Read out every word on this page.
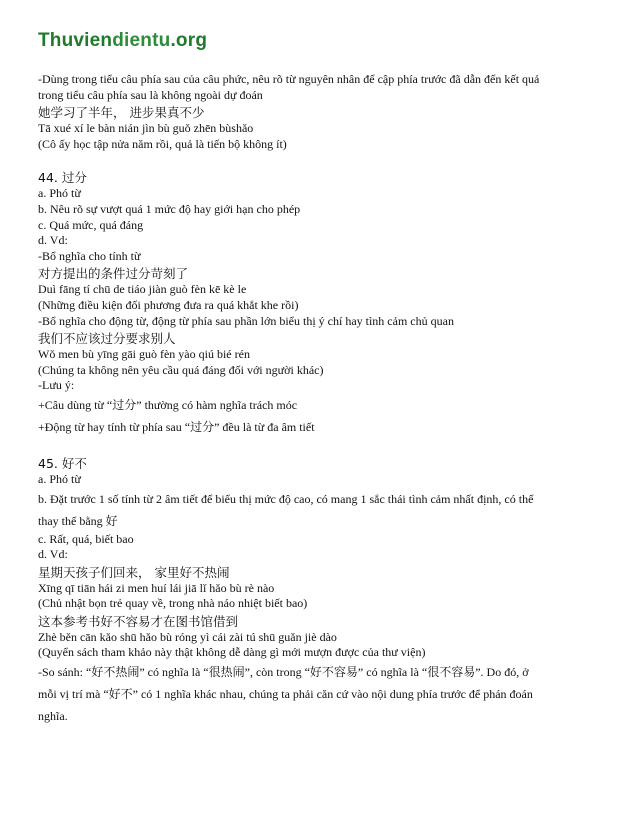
Thuviendientu.org
-Dùng trong tiểu câu phía sau của câu phức, nêu rõ từ nguyên nhân để cập phía trước đã dẫn đến kết quả
trong tiểu câu phía sau là không ngoài dự đoán
她学习了半年， 进步果真不少
Tā xué xí le bàn nián jìn bù guǒ zhēn bùshǎo
(Cô ấy học tập nửa năm rồi, quả là tiến bộ không ít)
44. 过分
a. Phó từ
b. Nêu rõ sự vượt quá 1 mức độ hay giới hạn cho phép
c. Quá mức, quá đáng
d. Vd:
-Bổ nghĩa cho tính từ
对方提出的条件过分苛刻了
Duì fāng tí chū de tiáo jiàn guò fèn kē kè le
(Những điều kiện đối phương đưa ra quá khắt khe rồi)
-Bổ nghĩa cho động từ, động từ phía sau phần lớn biểu thị ý chí hay tình cảm chủ quan
我们不应该过分要求别人
Wǒ men bù yīng gāi guò fèn yào qiú bié rén
(Chúng ta không nên yêu cầu quá đáng đối với người khác)
-Lưu ý:
+Câu dùng từ “过分” thường có hàm nghĩa trách móc
+Động từ hay tính từ phía sau “过分” đều là từ đa âm tiết
45. 好不
a. Phó từ
b. Đặt trước 1 số tính từ 2 âm tiết để biểu thị mức độ cao, có mang 1 sắc thái tình cảm nhất định, có thể
thay thế bằng 好
c. Rất, quá, biết bao
d. Vd:
星期天孩子们回来， 家里好不热闹
Xīng qī tiān hái zi men huí lái jiā lǐ hǎo bù rè nào
(Chủ nhật bọn trẻ quay về, trong nhà náo nhiệt biết bao)
这本参考书好不容易才在图书馆借到
Zhè běn cān kǎo shū hǎo bù róng yì cái zài tú shū guǎn jiè dào
(Quyển sách tham khảo này thật không dễ dàng gì mới mượn được của thư viện)
-So sánh: “好不热闹” có nghĩa là “很热闹”, còn trong “好不容易” có nghĩa là “很不容易”. Do đó, ở
mỗi vị trí mà “好不” có 1 nghĩa khác nhau, chúng ta phải căn cứ vào nội dung phía trước để phán đoán
nghĩa.
